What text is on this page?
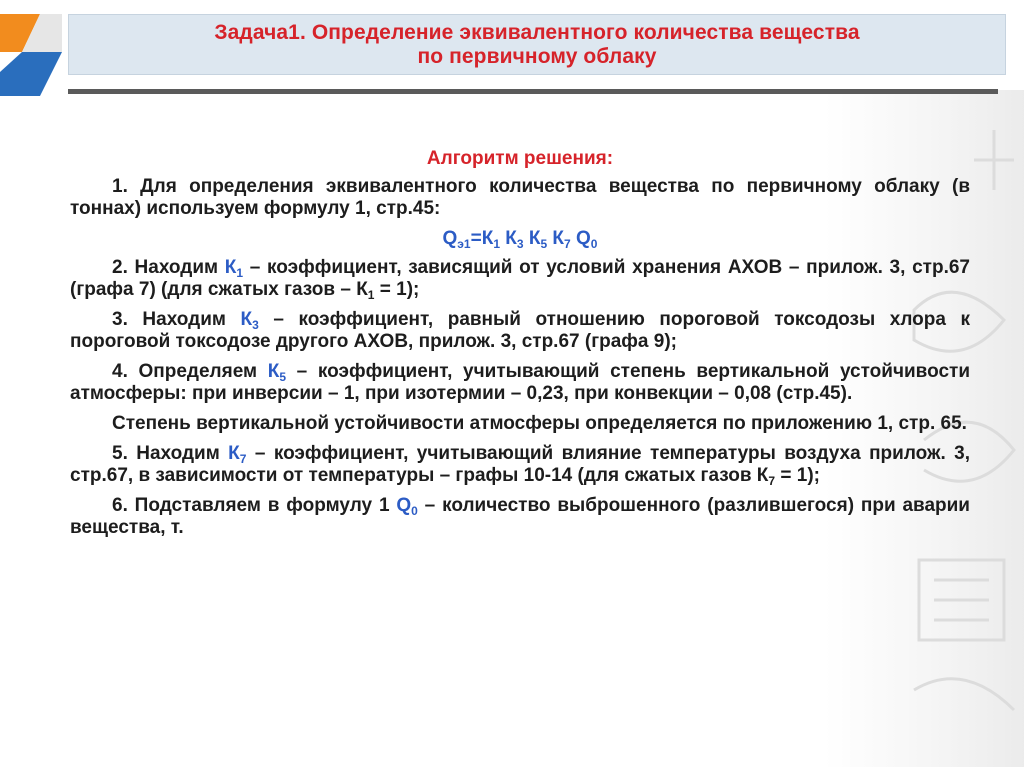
Задача1. Определение эквивалентного количества вещества
по первичному облаку
Алгоритм решения:
1. Для определения эквивалентного количества вещества по первичному облаку (в тоннах) используем формулу 1, стр.45:
$Q_{э1}=К_1$ $К_3$ $К_5$ $К_7$ $Q_0$
2. Находим $К_1$ – коэффициент, зависящий от условий хранения АХОВ – прилож. 3, стр.67 (графа 7) (для сжатых газов – $К_1 = 1$);
3. Находим $К_3$ – коэффициент, равный отношению пороговой токсодозы хлора к пороговой токсодозе другого АХОВ, прилож. 3, стр.67 (графа 9);
4. Определяем $К_5$ – коэффициент, учитывающий степень вертикальной устойчивости атмосферы: при инверсии – 1, при изотермии – 0,23, при конвекции – 0,08 (стр.45).
Степень вертикальной устойчивости атмосферы определяется по приложению 1, стр. 65.
5. Находим $К_7$ – коэффициент, учитывающий влияние температуры воздуха прилож. 3, стр.67, в зависимости от температуры – графы 10-14 (для сжатых газов $К_7 = 1$);
6. Подставляем в формулу 1 $Q_0$ – количество выброшенного (разлившегося) при аварии вещества, т.
